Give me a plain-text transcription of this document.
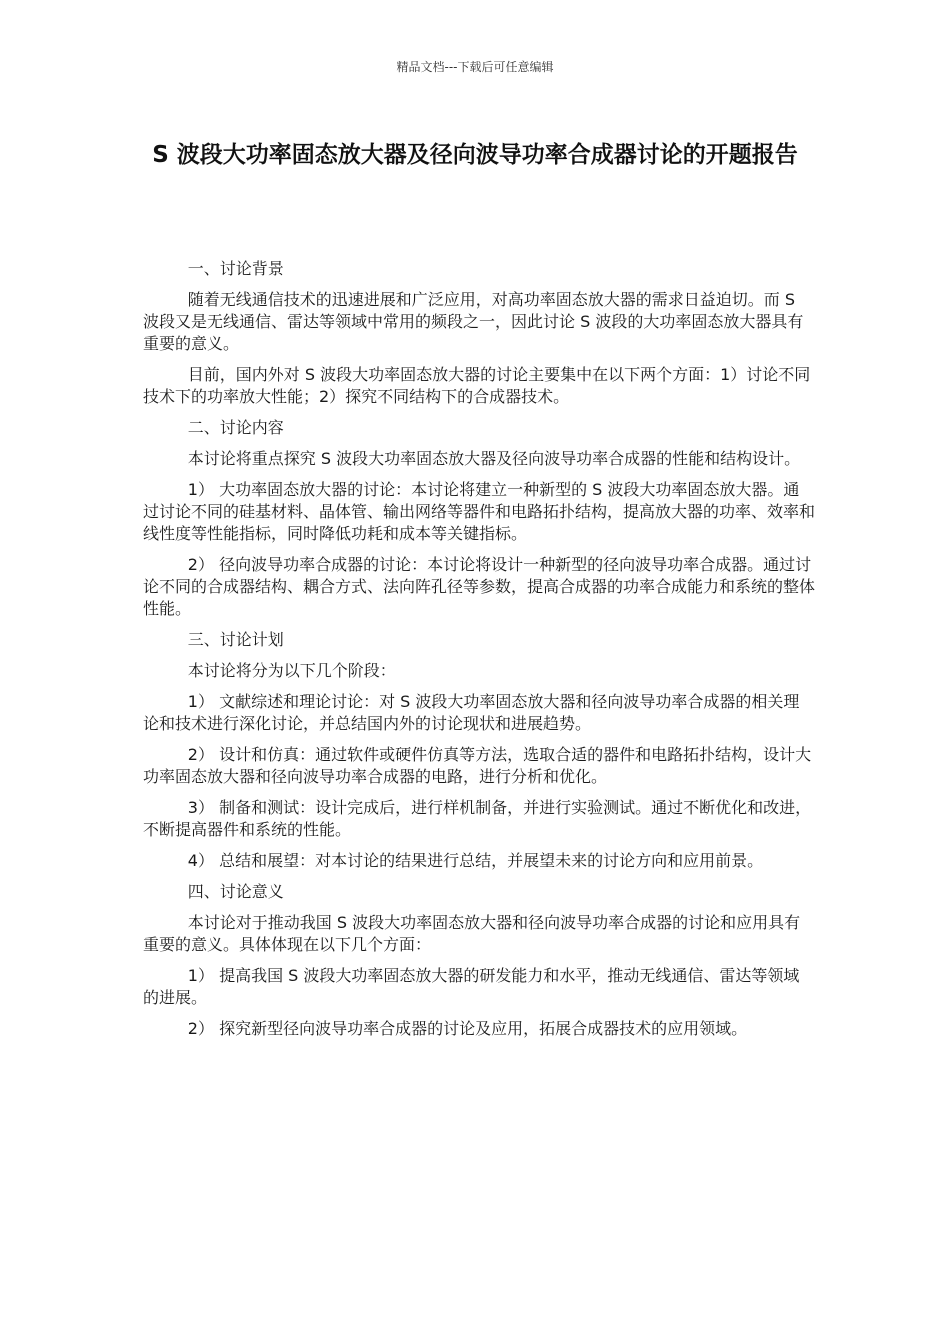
精品文档---下载后可任意编辑
S 波段大功率固态放大器及径向波导功率合成器讨论的开题报告

一、讨论背景

随着无线通信技术的迅速进展和广泛应用，对高功率固态放大器的需求日益迫切。而 S 波段又是无线通信、雷达等领域中常用的频段之一，因此讨论 S 波段的大功率固态放大器具有重要的意义。

目前，国内外对 S 波段大功率固态放大器的讨论主要集中在以下两个方面：1）讨论不同技术下的功率放大性能；2）探究不同结构下的合成器技术。

二、讨论内容

本讨论将重点探究 S 波段大功率固态放大器及径向波导功率合成器的性能和结构设计。

1） 大功率固态放大器的讨论：本讨论将建立一种新型的 S 波段大功率固态放大器。通过讨论不同的硅基材料、晶体管、输出网络等器件和电路拓扑结构，提高放大器的功率、效率和线性度等性能指标，同时降低功耗和成本等关键指标。

2） 径向波导功率合成器的讨论：本讨论将设计一种新型的径向波导功率合成器。通过讨论不同的合成器结构、耦合方式、法向阵孔径等参数，提高合成器的功率合成能力和系统的整体性能。

三、讨论计划

本讨论将分为以下几个阶段：

1） 文献综述和理论讨论：对 S 波段大功率固态放大器和径向波导功率合成器的相关理论和技术进行深化讨论，并总结国内外的讨论现状和进展趋势。

2） 设计和仿真：通过软件或硬件仿真等方法，选取合适的器件和电路拓扑结构，设计大功率固态放大器和径向波导功率合成器的电路，进行分析和优化。

3） 制备和测试：设计完成后，进行样机制备，并进行实验测试。通过不断优化和改进，不断提高器件和系统的性能。

4） 总结和展望：对本讨论的结果进行总结，并展望未来的讨论方向和应用前景。

四、讨论意义

本讨论对于推动我国 S 波段大功率固态放大器和径向波导功率合成器的讨论和应用具有重要的意义。具体体现在以下几个方面：

1） 提高我国 S 波段大功率固态放大器的研发能力和水平，推动无线通信、雷达等领域的进展。

2） 探究新型径向波导功率合成器的讨论及应用，拓展合成器技术的应用领域。
